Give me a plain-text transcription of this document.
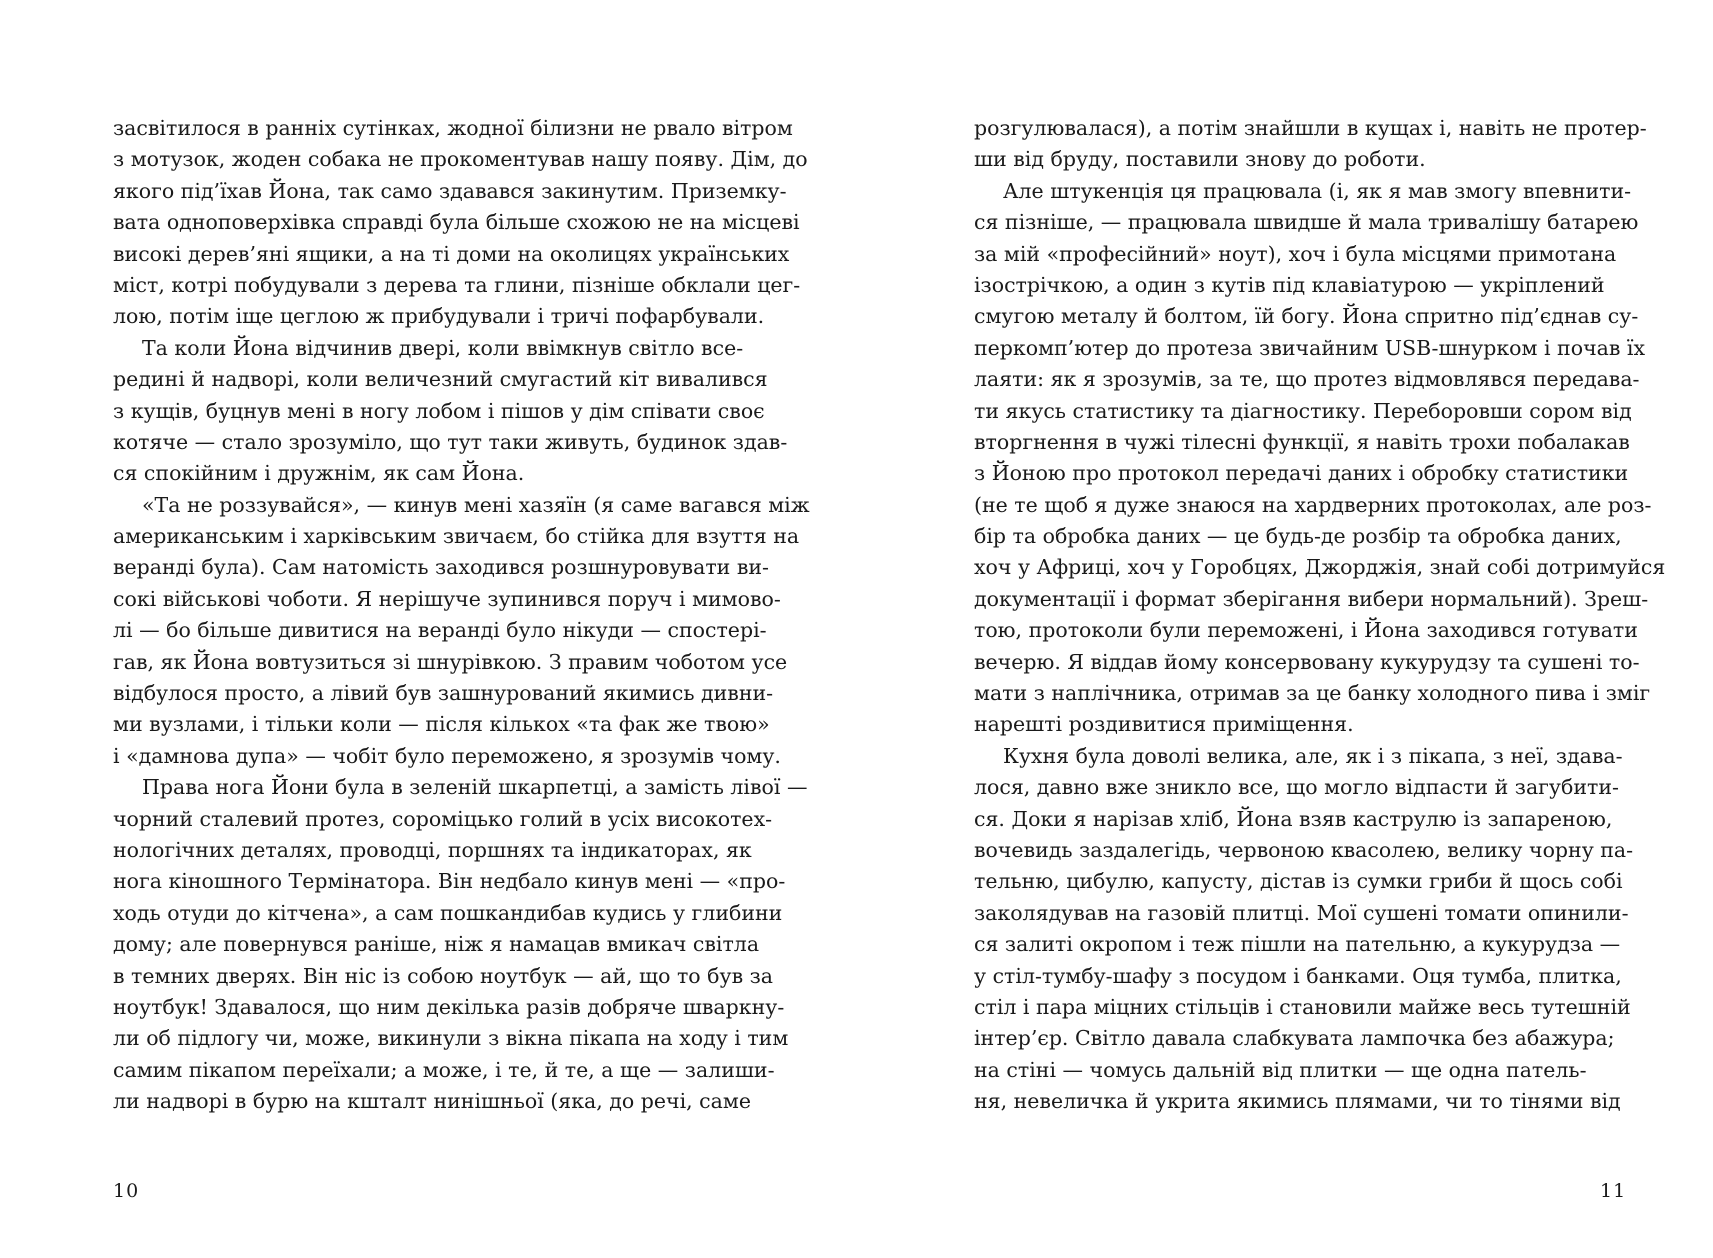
засвітилося в ранніх сутінках, жодної білизни не рвало вітром
з мотузок, жоден собака не прокоментував нашу появу. Дім, до
якого під’їхав Йона, так само здавався закинутим. Приземку-
вата одноповерхівка справді була більше схожою не на місцеві
високі дерев’яні ящики, а на ті доми на околицях українських
міст, котрі побудували з дерева та глини, пізніше обклали цег-
лою, потім іще цеглою ж прибудували і тричі пофарбували.
Та коли Йона відчинив двері, коли ввімкнув світло все-
редині й надворі, коли величезний смугастий кіт вивалився
з кущів, буцнув мені в ногу лобом і пішов у дім співати своє
котяче — стало зрозуміло, що тут таки живуть, будинок здав-
ся спокійним і дружнім, як сам Йона.
«Та не роззувайся», — кинув мені хазяїн (я саме вагався між
американським і харківським звичаєм, бо стійка для взуття на
веранді була). Сам натомість заходився розшнуровувати ви-
сокі військові чоботи. Я нерішуче зупинився поруч і мимово-
лі — бо більше дивитися на веранді було нікуди — спостері-
гав, як Йона вовтузиться зі шнурівкою. З правим чоботом усе
відбулося просто, а лівий був зашнурований якимись дивни-
ми вузлами, і тільки коли — після кількох «та фак же твою»
і «дамнова дупа» — чобіт було переможено, я зрозумів чому.
Права нога Йони була в зеленій шкарпетці, а замість лівої —
чорний сталевий протез, сороміцько голий в усіх високотех-
нологічних деталях, проводці, поршнях та індикаторах, як
нога кіношного Термінатора. Він недбало кинув мені — «про-
ходь отуди до кітчена», а сам пошкандибав кудись у глибини
дому; але повернувся раніше, ніж я намацав вмикач світла
в темних дверях. Він ніс із собою ноутбук — ай, що то був за
ноутбук! Здавалося, що ним декілька разів добряче шваркну-
ли об підлогу чи, може, викинули з вікна пікапа на ходу і тим
самим пікапом переїхали; а може, і те, й те, а ще — залиши-
ли надворі в бурю на кшталт нинішньої (яка, до речі, саме
розгулювалася), а потім знайшли в кущах і, навіть не протер-
ши від бруду, поставили знову до роботи.
Але штукенція ця працювала (і, як я мав змогу впевнити-
ся пізніше, — працювала швидше й мала тривалішу батарею
за мій «професійний» ноут), хоч і була місцями примотана
ізострічкою, а один з кутів під клавіатурою — укріплений
смугою металу й болтом, їй богу. Йона спритно під’єднав су-
перкомп’ютер до протеза звичайним USB-шнурком і почав їх
лаяти: як я зрозумів, за те, що протез відмовлявся передава-
ти якусь статистику та діагностику. Переборовши сором від
вторгнення в чужі тілесні функції, я навіть трохи побалакав
з Йоною про протокол передачі даних і обробку статистики
(не те щоб я дуже знаюся на хардверних протоколах, але роз-
бір та обробка даних — це будь-де розбір та обробка даних,
хоч у Африці, хоч у Горобцях, Джорджія, знай собі дотримуйся
документації і формат зберігання вибери нормальний). Зреш-
тою, протоколи були переможені, і Йона заходився готувати
вечерю. Я віддав йому консервовану кукурудзу та сушені то-
мати з наплічника, отримав за це банку холодного пива і зміг
нарешті роздивитися приміщення.
Кухня була доволі велика, але, як і з пікапа, з неї, здава-
лося, давно вже зникло все, що могло відпасти й загубити-
ся. Доки я нарізав хліб, Йона взяв каструлю із запареною,
вочевидь заздалегідь, червоною квасолею, велику чорну па-
тельню, цибулю, капусту, дістав із сумки гриби й щось собі
заколядував на газовій плитці. Мої сушені томати опинили-
ся залиті окропом і теж пішли на пательню, а кукурудза —
у стіл-тумбу-шафу з посудом і банками. Оця тумба, плитка,
стіл і пара міцних стільців і становили майже весь тутешній
інтер’єр. Світло давала слабкувата лампочка без абажура;
на стіні — чомусь дальній від плитки — ще одна патель-
ня, невеличка й укрита якимись плямами, чи то тінями від
10	11
